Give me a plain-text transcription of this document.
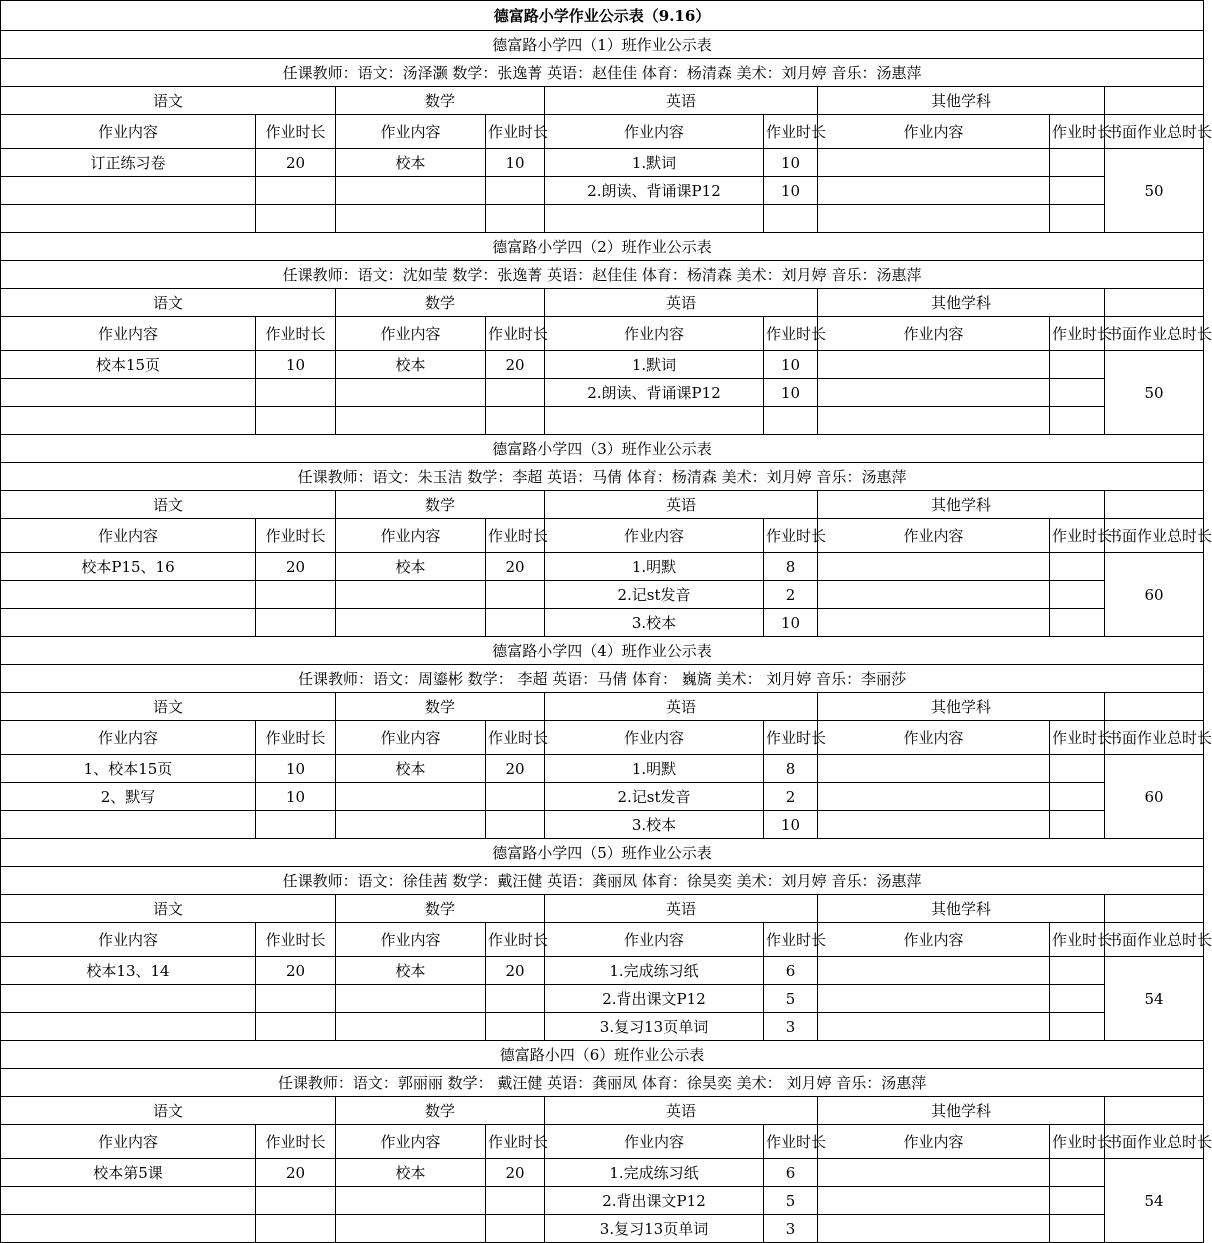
德富路小学作业公示表（9.16）								
德富路小学四（1）班作业公示表								
任课教师：语文：汤泽灏 数学：张逸菁 英语：赵佳佳 体育：杨清森 美术：刘月婷 音乐：汤惠萍								
语文		数学		英语		其他学科		
作业内容	作业时长	作业内容	作业时长	作业内容	作业时长	作业内容	作业时长	书面作业总时长
订正练习卷	20	校本	10	1.默词	10			50
				2.朗读、背诵课P12	10			

德富路小学四（2）班作业公示表								
任课教师：语文：沈如莹 数学：张逸菁 英语：赵佳佳 体育：杨清森 美术：刘月婷 音乐：汤惠萍								
语文		数学		英语		其他学科		
作业内容	作业时长	作业内容	作业时长	作业内容	作业时长	作业内容	作业时长	书面作业总时长
校本15页	10	校本	20	1.默词	10			50
				2.朗读、背诵课P12	10			

德富路小学四（3）班作业公示表								
任课教师：语文：朱玉洁 数学：李超 英语：马倩 体育：杨清森 美术：刘月婷 音乐：汤惠萍								
语文		数学		英语		其他学科		
作业内容	作业时长	作业内容	作业时长	作业内容	作业时长	作业内容	作业时长	书面作业总时长
校本P15、16	20	校本	20	1.明默	8			60
				2.记st发音	2			
				3.校本	10			
德富路小学四（4）班作业公示表								
任课教师：语文：周鎏彬 数学： 李超 英语：马倩 体育： 巍旖 美术： 刘月婷 音乐：李丽莎								
语文		数学		英语		其他学科		
作业内容	作业时长	作业内容	作业时长	作业内容	作业时长	作业内容	作业时长	书面作业总时长
1、校本15页	10	校本	20	1.明默	8			60
2、默写	10			2.记st发音	2			
				3.校本	10			
德富路小学四（5）班作业公示表								
任课教师：语文：徐佳茜 数学：戴汪健 英语：龚丽凤 体育：徐昊奕 美术：刘月婷 音乐：汤惠萍								
语文		数学		英语		其他学科		
作业内容	作业时长	作业内容	作业时长	作业内容	作业时长	作业内容	作业时长	书面作业总时长
校本13、14	20	校本	20	1.完成练习纸	6			54
				2.背出课文P12	5			
				3.复习13页单词	3			
德富路小四（6）班作业公示表								
任课教师：语文：郭丽丽 数学： 戴汪健 英语：龚丽凤 体育：徐昊奕 美术： 刘月婷 音乐：汤惠萍								
语文		数学		英语		其他学科		
作业内容	作业时长	作业内容	作业时长	作业内容	作业时长	作业内容	作业时长	书面作业总时长
校本第5课	20	校本	20	1.完成练习纸	6			54
				2.背出课文P12	5			
				3.复习13页单词	3			
